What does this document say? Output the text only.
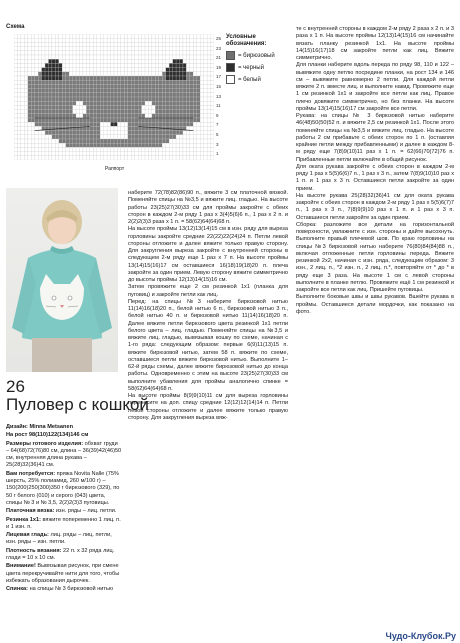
Схема
25
23
21
19
17
15
13
11
9
7
5
3
1
Раппорт
Условные обозначения:
= бирюзовый
= черный
= белый
26
Пуловер с кошкой

Дизайн: Minna Metsanen

На рост 98(110)122(134)146 см

Размеры готового изделия: обхват груди – 64(68)72(76)80 см, длина – 36(39)42(46)50 см, внутренняя длина рукава – 25(28)32(36)41 см.

Вам потребуется: пряжа Novita Nalle (75% шерсть, 25% полиамид, 260 м/100 г) – 150(200)250(300)350 г бирюзового (329), по 50 г белого (010) и серого (043) цвета, спицы № 3 и № 3,5, 2(2)2(3)3 пуговицы.

Платочная вязка: изн. ряды – лиц. петли.

Резинка 1x1: вяжите попеременно 1 лиц. п. и 1 изн. п.

Лицевая гладь: лиц. ряды – лиц. петли, изн. ряды – изн. петли.

Плотность вязания: 22 п. х 32 ряда лиц. глади = 10 х 10 см.

Внимание! Вывязывая рисунок, при смене цвета перекручивайте нити для того, чтобы избежать образования дырочек.

Спинка: на спицы № 3 бирюзовой нитью

наберите 72(78)82(86)90 п., вяжите 3 см платочной вязкой. Поменяйте спицы на №3,5 и вяжите лиц. гладью. На высоте работы 23(25)27(30)33 см для проймы закройте с обеих сторон в каждом 2-м ряду 1 раз х 3(4)5(6)6 п., 1 раз х 2 п. и 2(2)2(3)3 раза х 1 п. = 58(62)64(64)68 п.

На высоте проймы 13(12)13(14)15 см в изн. ряду для выреза горловины закройте средние 22(22)22(24)24 п. Петли левой стороны отложите и далее вяжите только правую сторону. Для закругления выреза закройте с внутренней стороны в следующем 2-м ряду еще 1 раз х 7 п. На высоте проймы 13(14)15(16)17 см оставшиеся 16(18)19(18)20 п. плеча закройте за один прием. Левую сторону вяжите симметрично до высоты проймы 12(13)14(15)16 см.

Затем провяжите еще 2 см резинкой 1x1 (планка для пуговиц) и закройте петли как лиц.

Перед: на спицы №3 наберите бирюзовой нитью 11(14)16(18)20 п., белой нитью 6 п., бирюзовой нитью 3 п., белой нитью 40 п. и бирюзовой нитью 11(14)16(18)20 п. Далее вяжите петли бирюзового цвета резинкой 1x1 петли белого цвета – лиц. гладью. Поменяйте спицы на №3,5 и вяжите лиц. гладью, вывязывая кошку по схеме, начиная с 1-го ряда: следующим образом: первые 6(9)11(13)15 п. вяжите бирюзовой нитью, затем 58 п. вяжите по схеме, оставшиеся петли вяжите бирюзовой нитью. Выполните 1–62-й ряды схемы, далее вяжите бирюзовой нитью до конца работы. Одновременно с этим на высоте 23(25)27(30)33 см выполните убавления для проймы аналогично спинке = 58(62)64(64)68 п.

На высоте проймы 8(9)9(10)11 см для выреза горловины перенесите на доп. спицу средние 12(12)12(14)14 п. Петли левой стороны отложите и далее вяжите только правую сторону. Для закругления выреза вяж-

те с внутренней стороны в каждом 2-м ряду 2 раза х 2 п. и 3 раза х 1 п. На высоте проймы 12(13)14(15)16 см начинайте вязать планку резинкой 1x1. На высоте проймы 14(15)16(17)18 см закройте петли как лиц. Вяжите симметрично.

Для планки наберите вдоль переда по ряду 98, 110 и 122 – вывяжите одну петлю посредине планки, на рост 134 и 146 см – вывяжите равномерно 2 петли. Для каждой петли вяжите 2 п. вместе лиц. и выполните накид. Провяжите еще 1 см резинкой 1x1 и закройте все петли как лиц. Правое плечо довяжите симметрично, но без планки. На высоте проймы 13(14)15(16)17 см закройте все петли.

Рукава: на спицы № 3 бирюзовой нитью наберите 46(48)50(50)52 п. и вяжите 2,5 см резинкой 1x1. После этого поменяйте спицы на №3,5 и вяжите лиц. гладью. На высоте работы 2 см прибавьте с обеих сторон по 1 п. (оставляя крайние петли между прибавленными) и далее в каждом 8-м ряду еще 7(8)9(10)11 раз х 1 п. = 62(66)70(72)76 п. Прибавленные петли включайте в общий рисунок.

Для оката рукава закройте с обеих сторон в каждом 2-м ряду 1 раз х 5(5)6(6)7 п., 1 раз х 3 п., затем 7(8)9(10)10 раз х 1 п. и 1 раз х 3 п. Оставшиеся петли закройте за один прием.

На высоте рукава 25(28)32(36)41 см для оката рукава закройте с обеих сторон в каждом 2-м ряду 1 раз х 5(5)6(7)7 п., 1 раз х 3 п., 7(8)9(9)10 раз х 1 п. и 1 раз х 3 п. Оставшиеся петли закройте за один прием.

Сборка: разложите все детали на горизонтальной поверхности, увлажните с изн. стороны и дайте высохнуть. Выполните правый плечевой шов. По краю горловины на спицы №3 бирюзовой нитью наберите 76(80)84(84)88 п., включая отложенные петли горловины переда. Вяжите резинкой 2x2, начиная с изн. ряда, следующим образом: 3 изн., 2 лиц. п., *2 изн. п., 2 лиц. п.*, повторяйте от * до * в ряду еще 3 раза. На высоте 1 см с левой стороны выполните в планке петлю. Провяжите ещё 1 см резинкой и закройте все петли как лиц. Пришейте пуговицы.

Выполните боковые швы и швы рукавов. Вшейте рукава в проймы. Оставшиеся детали мордочки, как показано на фото.

Чудо-Клубок.Ру
